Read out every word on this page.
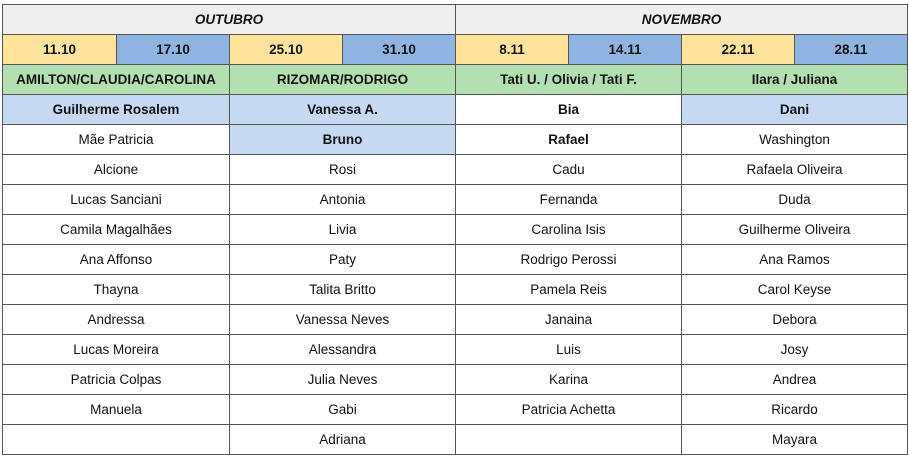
OUTUBRO				NOVEMBRO			
11.10	17.10	25.10	31.10	8.11	14.11	22.11	28.11
AMILTON/CLAUDIA/CAROLINA		RIZOMAR/RODRIGO		Tati U. / Olivia / Tati F.		Ilara / Juliana	
Guilherme Rosalem		Vanessa A.		Bia		Dani	
Mãe Patricia		Bruno		Rafael		Washington	
Alcione		Rosi		Cadu		Rafaela Oliveira	
Lucas Sanciani		Antonia		Fernanda		Duda	
Camila Magalhães		Livia		Carolina Isis		Guilherme Oliveira	
Ana Affonso		Paty		Rodrigo Perossi		Ana Ramos	
Thayna		Talita Britto		Pamela Reis		Carol Keyse	
Andressa		Vanessa Neves		Janaina		Debora	
Lucas Moreira		Alessandra		Luis		Josy	
Patricia Colpas		Julia Neves		Karina		Andrea	
Manuela		Gabi		Patricia Achetta		Ricardo	
		Adriana				Mayara	
